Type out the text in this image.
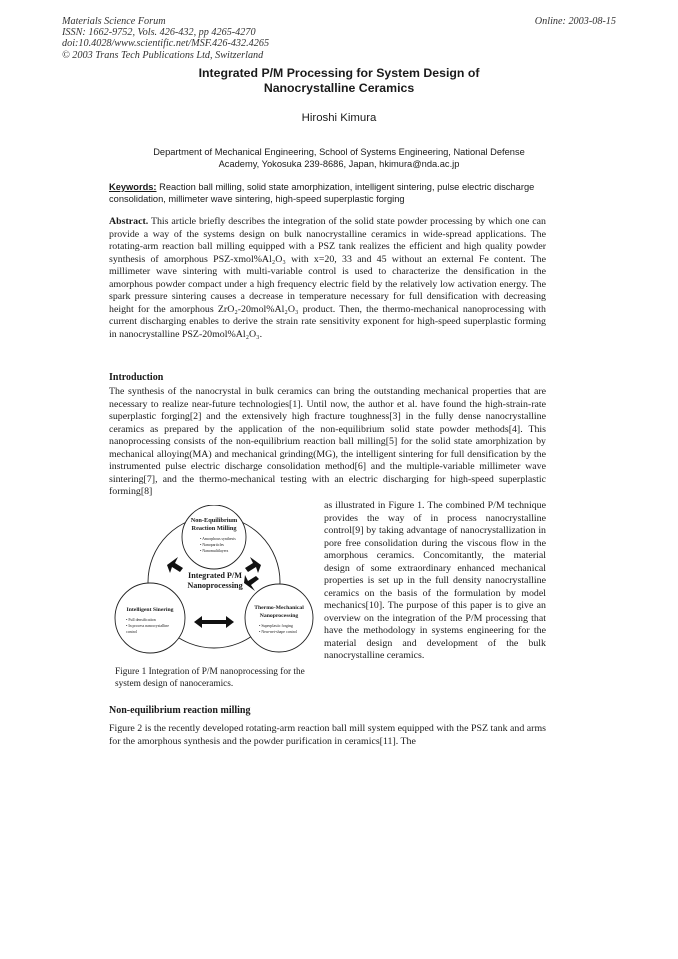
Materials Science Forum
ISSN: 1662-9752, Vols. 426-432, pp 4265-4270
doi:10.4028/www.scientific.net/MSF.426-432.4265
© 2003 Trans Tech Publications Ltd, Switzerland
Online: 2003-08-15
Integrated P/M Processing for System Design of
Nanocrystalline Ceramics
Hiroshi Kimura
Department of Mechanical Engineering, School of Systems Engineering, National Defense
Academy, Yokosuka 239-8686, Japan, hkimura@nda.ac.jp
Keywords: Reaction ball milling, solid state amorphization, intelligent sintering, pulse electric discharge consolidation, millimeter wave sintering, high-speed superplastic forging
Abstract. This article briefly describes the integration of the solid state powder processing by which one can provide a way of the systems design on bulk nanocrystalline ceramics in wide-spread applications. The rotating-arm reaction ball milling equipped with a PSZ tank realizes the efficient and high quality powder synthesis of amorphous PSZ-xmol%Al₂O₃ with x=20, 33 and 45 without an external Fe content. The millimeter wave sintering with multi-variable control is used to characterize the densification in the amorphous powder compact under a high frequency electric field by the relatively low activation energy. The spark pressure sintering causes a decrease in temperature necessary for full densification with decreasing height for the amorphous ZrO₂-20mol%Al₂O₃ product. Then, the thermo-mechanical nanoprocessing with current discharging enables to derive the strain rate sensitivity exponent for high-speed superplastic forming in nanocrystalline PSZ-20mol%Al₂O₃.
Introduction
The synthesis of the nanocrystal in bulk ceramics can bring the outstanding mechanical properties that are necessary to realize near-future technologies[1]. Until now, the author et al. have found the high-strain-rate superplastic forging[2] and the extensively high fracture toughness[3] in the fully dense nanocrystalline ceramics as prepared by the application of the non-equilibrium solid state powder methods[4]. This nanoprocessing consists of the non-equilibrium reaction ball milling[5] for the solid state amorphization by mechanical alloying(MA) and mechanical grinding(MG), the intelligent sintering for full densification by the instrumented pulse electric discharge consolidation method[6] and the multiple-variable millimeter wave sintering[7], and the thermo-mechanical testing with an electric discharging for high-speed superplastic forming[8]
as illustrated in Figure 1. The combined P/M technique provides the way of in process nanocrystalline control[9] by taking advantage of nanocrystallization in pore free consolidation during the viscous flow in the amorphous ceramics. Concomitantly, the material design of some extraordinary enhanced mechanical properties is set up in the full density nanocrystalline ceramics on the basis of the formulation by model mechanics[10]. The purpose of this paper is to give an overview on the integration of the P/M processing that have the methodology in systems engineering for the material design and development of the bulk nanocrystalline ceramics.
Non-Equilibrium
Reaction Milling
• Amorphous synthesis
• Nanoparticles
• Nanomultilayers
Integrated P/M
Nanoprocessing
Intelligent Sinering
• Full densification
• In process nanocrystalline
control
Thermo-Mechanical
Nanoprocessing
• Superplastic forging
• Near-net-shape control
Figure 1 Integration of P/M nanoprocessing for the system design of nanoceramics.
Non-equilibrium reaction milling
Figure 2 is the recently developed rotating-arm reaction ball mill system equipped with the PSZ tank and arms for the amorphous synthesis and the powder purification in ceramics[11]. The
